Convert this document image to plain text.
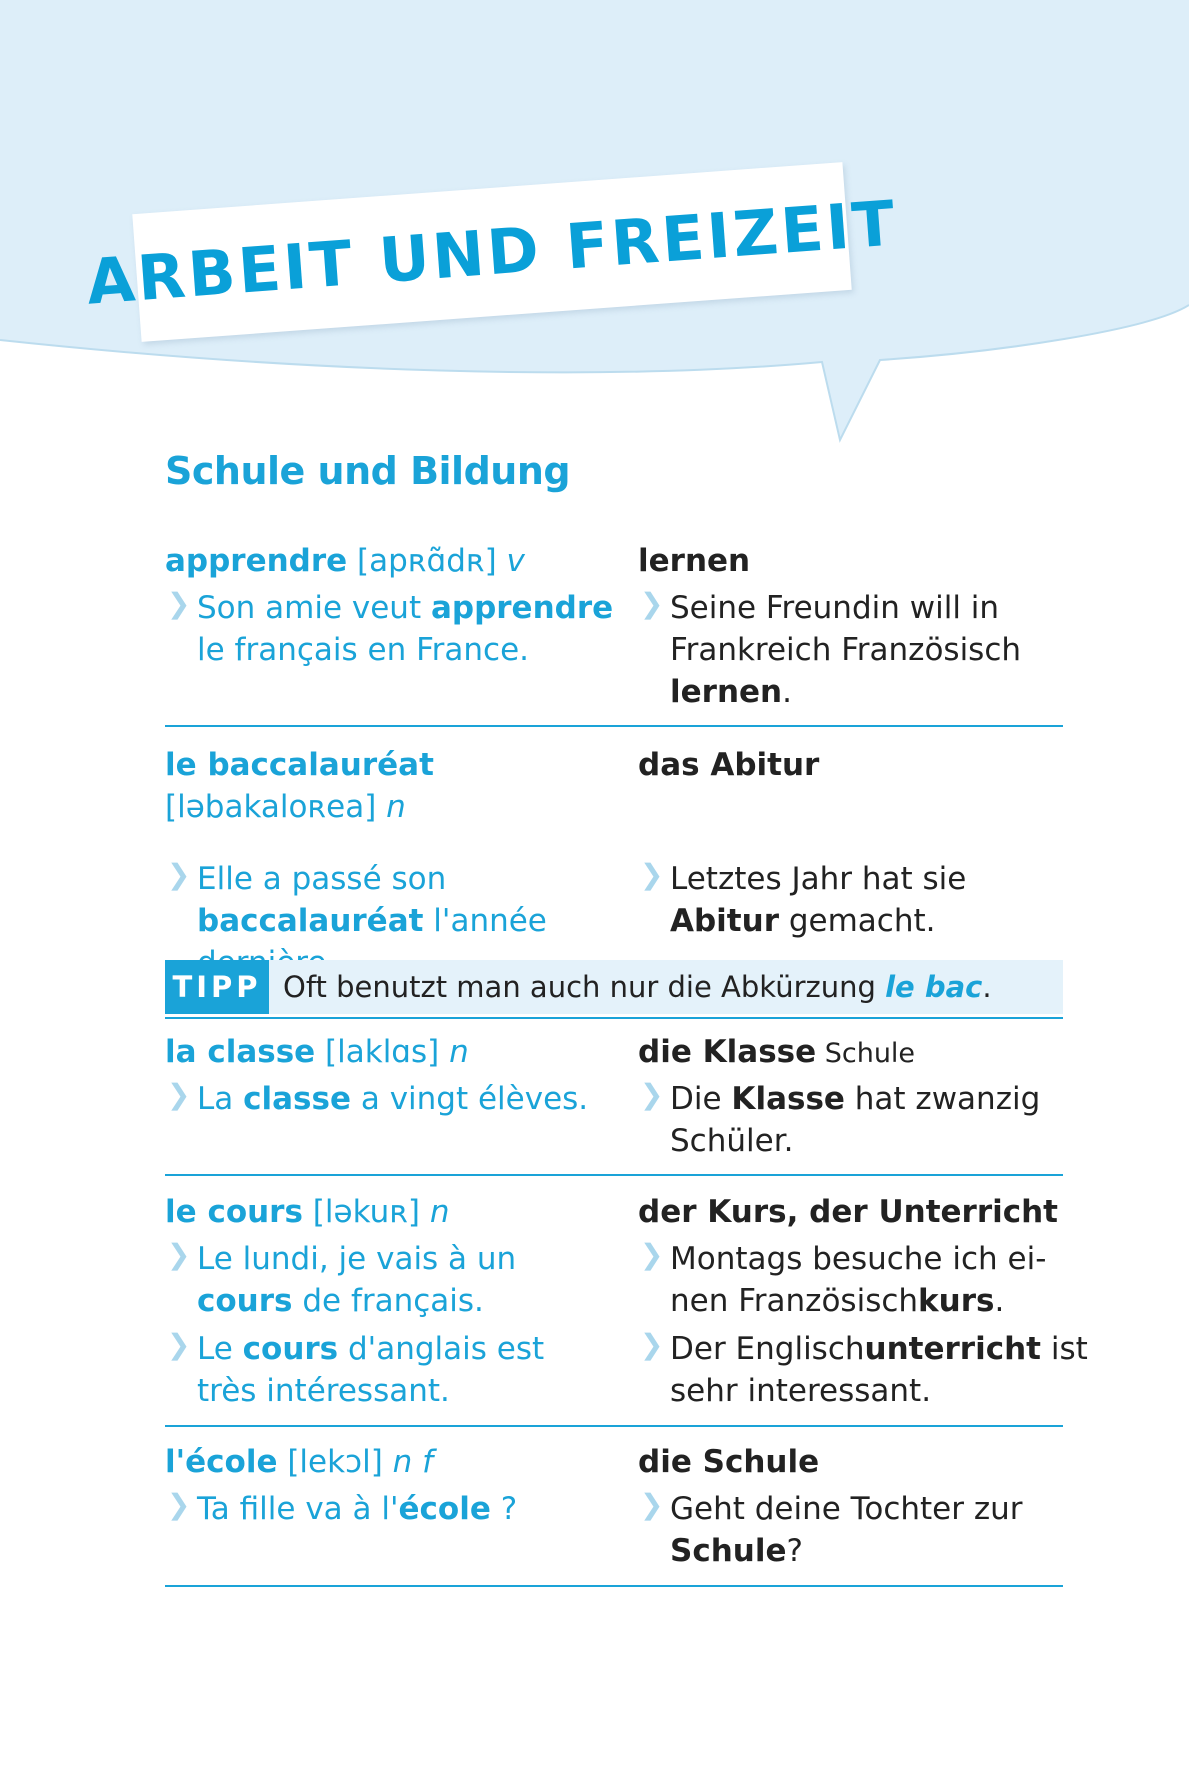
ARBEIT UND FREIZEIT
Schule und Bildung
apprendre [apʀɑ̃dʀ] v
❯ Son amie veut apprendre
le français en France.
lernen
❯ Seine Freundin will in
Frankreich Französisch
lernen.
le baccalauréat
[ləbakaloʀea] n
❯ Elle a passé son
baccalauréat l'année
das Abitur
❯ Letztes Jahr hat sie
Abitur gemacht.
la classe [laklɑs] n
❯ La classe a vingt élèves.
die Klasse Schule
❯ Die Klasse hat zwanzig
Schüler.
le cours [ləkuʀ] n
❯ Le lundi, je vais à un
cours de français.
❯ Le cours d'anglais est
très intéressant.
der Kurs, der Unterricht
❯ Montags besuche ich ei-
nen Französischkurs.
❯ Der Englischunterricht ist
sehr interessant.
l'école [lekɔl] n f
❯ Ta fille va à l'école ?
die Schule
❯ Geht deine Tochter zur
Schule?
TIPP Oft benutzt man auch nur die Abkürzung le bac.
